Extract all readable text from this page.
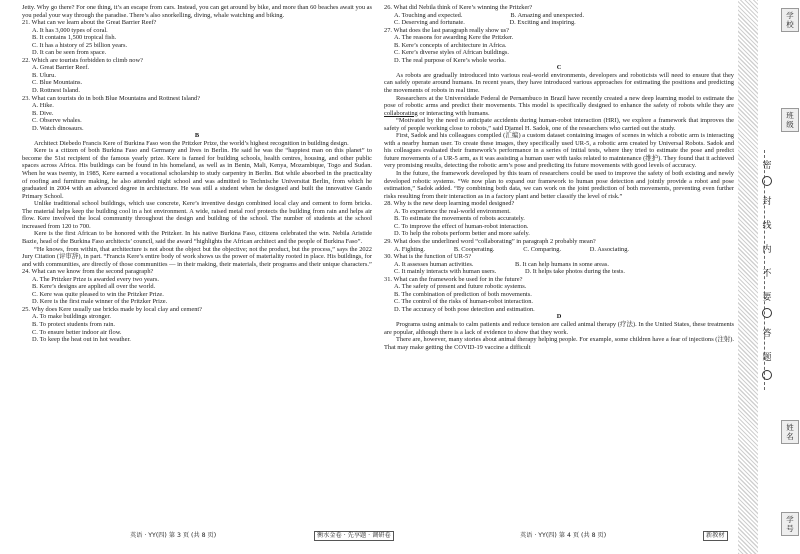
Jetty. Why go there? For one thing, it’s an escape from cars. Instead, you can get around by bike, and more than 60 beaches await you as you pedal your way through the paradise. There’s also snorkelling, diving, whale watching and biking.

21. What can we learn about the Great Barrier Reef?

A. It has 3,000 types of coral.

B. It contains 1,500 tropical fish.

C. It has a history of 25 billion years.

D. It can be seen from space.

22. Which are tourists forbidden to climb now?

A. Great Barrier Reef.

B. Uluru.

C. Blue Mountains.

D. Rottnest Island.

23. What can tourists do in both Blue Mountains and Rottnest Island?

A. Hike.

B. Dive.

C. Observe whales.

D. Watch dinosaurs.

B

Architect Diebedo Francis Kere of Burkina Faso won the Pritzker Prize, the world’s highest recognition in building design.

Kere is a citizen of both Burkina Faso and Germany and lives in Berlin. He said he was the “happiest man on this planet” to become the 51st recipient of the famous yearly prize. Kere is famed for building schools, health centres, housing, and other public spaces across Africa. His buildings can be found in his homeland, as well as in Benin, Mali, Kenya, Mozambique, Togo and Sudan. When he was twenty, in 1985, Kere earned a vocational scholarship to study carpentry in Berlin. But while absorbed in the practicality of roofing and furniture making, he also attended night school and was admitted to Technische Universitat Berlin, from which he graduated in 2004 with an advanced degree in architecture. He was still a student when he designed and built the innovative Gando Primary School.

Unlike traditional school buildings, which use concrete, Kere’s inventive design combined local clay and cement to form bricks. The material helps keep the building cool in a hot environment. A wide, raised metal roof protects the building from rain and helps air flow. Kere involved the local community throughout the design and building of the school. The number of students at the school increased from 120 to 700.

Kere is the first African to be honored with the Pritzker. In his native Burkina Faso, citizens celebrated the win. Nebila Aristide Bazie, head of the Burkina Faso architects’ council, said the award “highlights the African architect and the people of Burkina Faso”.

“He knows, from within, that architecture is not about the object but the objective; not the product, but the process,” says the 2022 Jury Citation (评审辞), in part. “Francis Kere’s entire body of work shows us the power of materiality rooted in place. His buildings, for and with communities, are directly of those communities — in their making, their materials, their programs and their unique characters.”

24. What can we know from the second paragraph?

A. The Pritzker Prize is awarded every two years.

B. Kere’s designs are applied all over the world.

C. Kere was quite pleased to win the Pritzker Prize.

D. Kere is the first male winner of the Pritzker Prize.

25. Why does Kere usually use bricks made by local clay and cement?

A. To make buildings stronger.

B. To protect students from rain.

C. To ensure better indoor air flow.

D. To keep the heat out in hot weather.

26. What did Nebila think of Kere’s winning the Pritzker?

A. Touching and expected.                              B. Amazing and unexpected.

C. Deserving and fortunate.                            D. Exciting and inspiring.

27. What does the last paragraph really show us?

A. The reasons for awarding Kere the Pritzker.

B. Kere’s concepts of architecture in Africa.

C. Kere’s diverse styles of African buildings.

D. The real purpose of Kere’s whole works.

C

As robots are gradually introduced into various real-world environments, developers and roboticists will need to ensure that they can safely operate around humans. In recent years, they have introduced various approaches for estimating the positions and predicting the movements of robots in real time.

Researchers at the Universidade Federal de Pernambuco in Brazil have recently created a new deep learning model to estimate the pose of robotic arms and predict their movements. This model is specifically designed to enhance the safety of robots while they are collaborating or interacting with humans.

“Motivated by the need to anticipate accidents during human-robot interaction (HRI), we explore a framework that improves the safety of people working close to robots,” said Djamel H. Sadok, one of the researchers who carried out the study.

First, Sadok and his colleagues compiled (汇编) a custom dataset containing images of scenes in which a robotic arm is interacting with a nearby human user. To create these images, they specifically used UR-5, a robotic arm created by Universal Robots. Sadok and his colleagues evaluated their framework’s performance in a series of initial tests, where they tried to estimate the pose and predict future movements of a UR-5 arm, as it was assisting a human user with tasks related to maintenance (维护). They found that it achieved very promising results, detecting the robotic arm’s pose and predicting its future movements with good levels of accuracy.

In the future, the framework developed by this team of researchers could be used to improve the safety of both existing and newly developed robotic systems. “We now plan to expand our framework to human pose detection and jointly provide a robot and pose estimation,” Sadok added. “By combining both data, we can work on the joint prediction of both movements, preventing even further risks resulting from their interaction as in a factory plant and better classify the level of risk.”

28. Why is the new deep learning model designed?

A. To experience the real-world environment.

B. To estimate the movements of robots accurately.

C. To improve the effect of human-robot interaction.

D. To help the robots perform better and more safely.

29. What does the underlined word “collaborating” in paragraph 2 probably mean?

A. Fighting.                  B. Cooperating.                  C. Comparing.                  D. Associating.

30. What is the function of UR-5?

A. It assesses human activities.                          B. It can help humans in some areas.

C. It mainly interacts with human users.                  D. It helps take photos during the tests.

31. What can the framework be used for in the future?

A. The safety of present and future robotic systems.

B. The combination of prediction of both movements.

C. The control of the risks of human-robot interaction.

D. The accuracy of both pose detection and estimation.

D

Programs using animals to calm patients and reduce tension are called animal therapy (疗法). In the United States, these treatments are popular, although there is a lack of evidence to show that they work.

There are, however, many stories about animal therapy helping people. For example, some children have a fear of injections (注射). That may make getting the COVID-19 vaccine a difficult

英语 · YY(四) 第 3 页 (共 8 页)	衡水金卷 · 先享题 · 调研卷	英语 · YY(四) 第 4 页 (共 8 页)	新教材
学
校
班
级
密
封
线
内
不
要
答
题
姓
名
学
号
